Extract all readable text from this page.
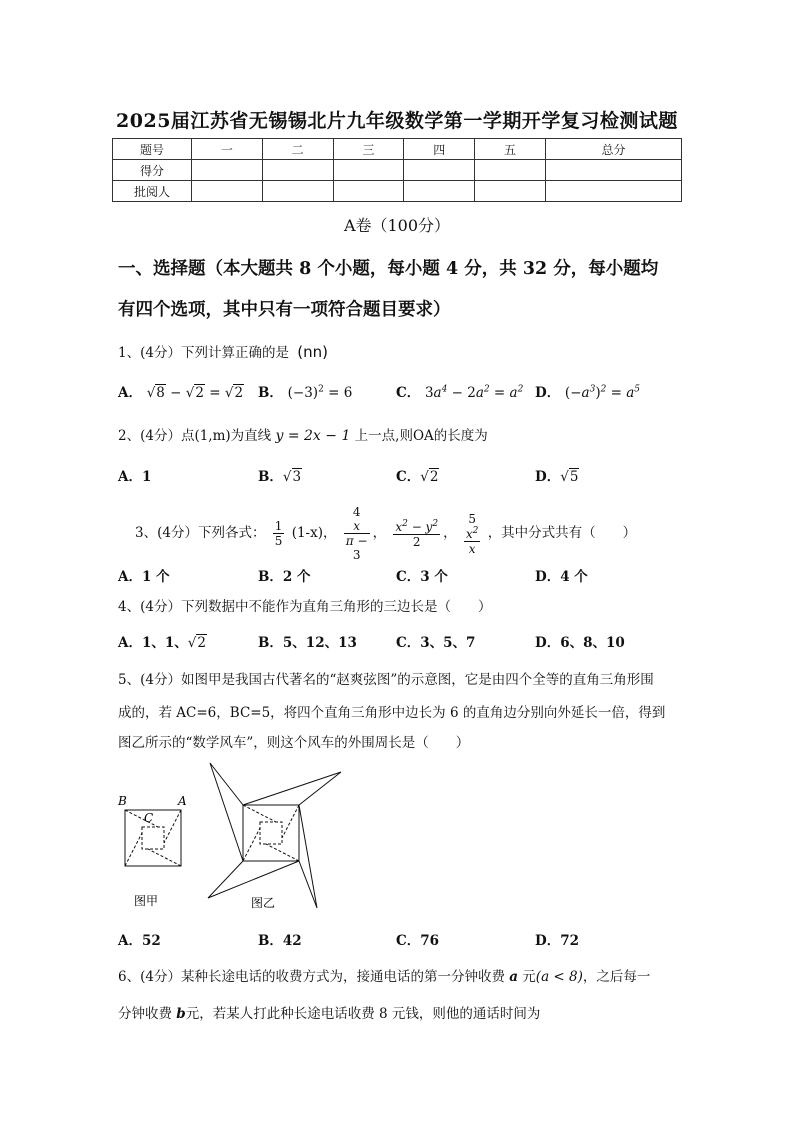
2025届江苏省无锡锡北片九年级数学第一学期开学复习检测试题
题号	一	二	三	四	五	总分
得分						
批阅人						
A卷（100分）
一、选择题（本大题共 8 个小题，每小题 4 分，共 32 分，每小题均
有四个选项，其中只有一项符合题目要求）
1、(4分）下列计算正确的是 (nn)
A． √8 − √2 = √2 B． $(-3)^2 = 6$	C． $3a^4 - 2a^2 = a^2$ D． $(-a^3)^2 = a^5$
2、(4分）点(1,m)为直线 y = 2x − 1 上一点,则OA的长度为
A．1	B．√3	C．√2	D．√5
3、(4分）下列各式： $\frac{1}{5} (1-x)$， 4
x
π −
3 ， $\frac{x^2 - y^2}{2}$ ， 5
$x^2$
x ，其中分式共有（　　）
A．1 个	B．2 个	C．3 个	D．4 个
4、(4分）下列数据中不能作为直角三角形的三边长是（　　）
A．1、1、√2	B．5、12、13	C．3、5、7	D．6、8、10
5、(4分）如图甲是我国古代著名的“赵爽弦图”的示意图，它是由四个全等的直角三角形围
成的，若 AC=6，BC=5，将四个直角三角形中边长为 6 的直角边分别向外延长一倍，得到
图乙所示的“数学风车”，则这个风车的外围周长是（　　）
B	A
C
图甲	图乙
A．52	B．42	C．76	D．72
6、(4分）某种长途电话的收费方式为，接通电话的第一分钟收费 a 元(a < 8)，之后每一
分钟收费 b元，若某人打此种长途电话收费 8 元钱，则他的通话时间为
